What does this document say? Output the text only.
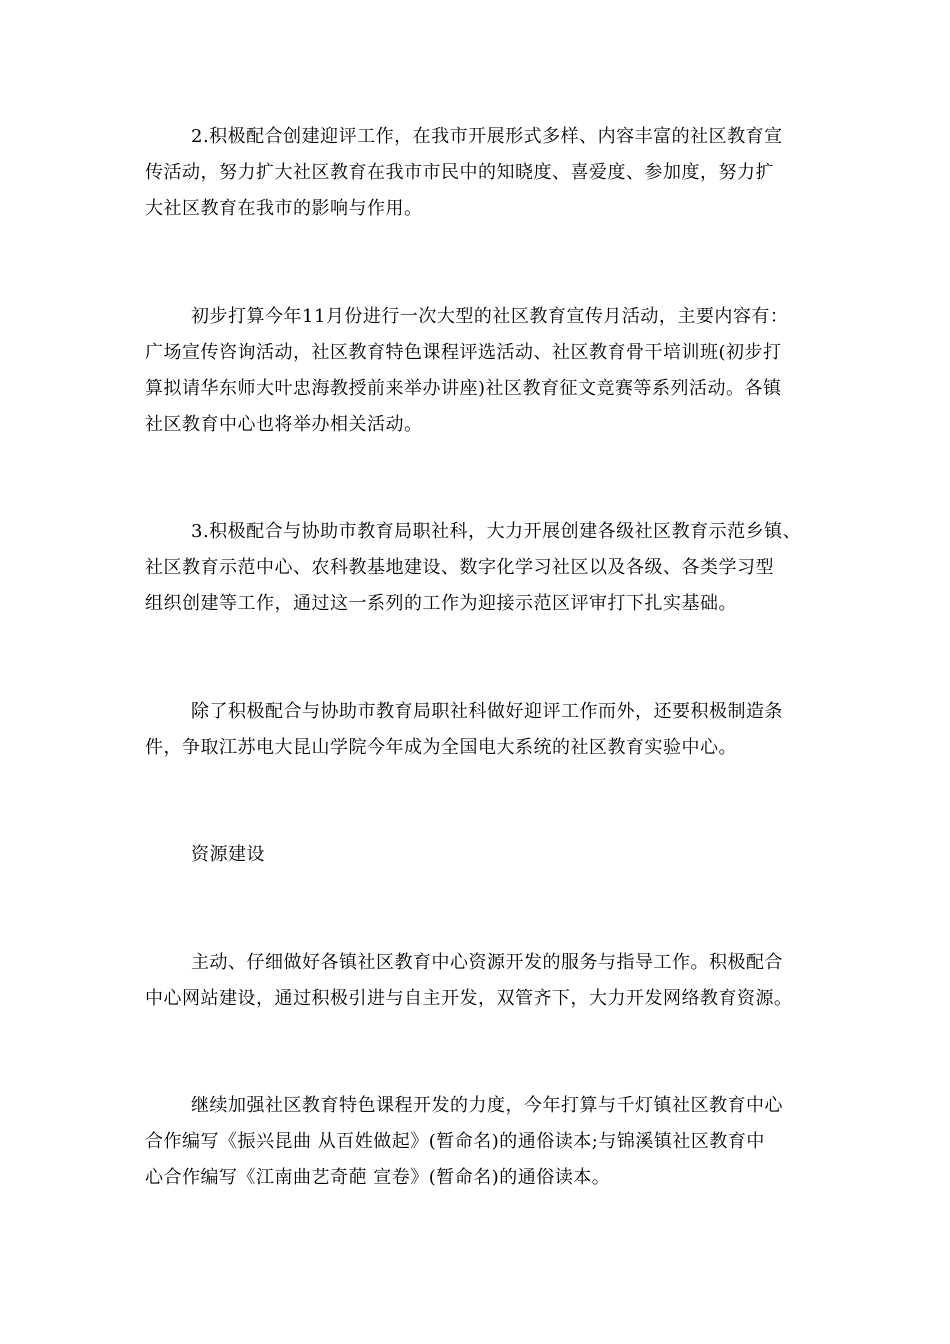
2.积极配合创建迎评工作，在我市开展形式多样、内容丰富的社区教育宣
传活动，努力扩大社区教育在我市市民中的知晓度、喜爱度、参加度，努力扩
大社区教育在我市的影响与作用。
初步打算今年11月份进行一次大型的社区教育宣传月活动，主要内容有：
广场宣传咨询活动，社区教育特色课程评选活动、社区教育骨干培训班(初步打
算拟请华东师大叶忠海教授前来举办讲座)社区教育征文竞赛等系列活动。各镇
社区教育中心也将举办相关活动。
3.积极配合与协助市教育局职社科，大力开展创建各级社区教育示范乡镇、
社区教育示范中心、农科教基地建设、数字化学习社区以及各级、各类学习型
组织创建等工作，通过这一系列的工作为迎接示范区评审打下扎实基础。
除了积极配合与协助市教育局职社科做好迎评工作而外，还要积极制造条
件，争取江苏电大昆山学院今年成为全国电大系统的社区教育实验中心。
资源建设
主动、仔细做好各镇社区教育中心资源开发的服务与指导工作。积极配合
中心网站建设，通过积极引进与自主开发，双管齐下，大力开发网络教育资源。
继续加强社区教育特色课程开发的力度，今年打算与千灯镇社区教育中心
合作编写《振兴昆曲 从百姓做起》(暂命名)的通俗读本;与锦溪镇社区教育中
心合作编写《江南曲艺奇葩 宣卷》(暂命名)的通俗读本。
